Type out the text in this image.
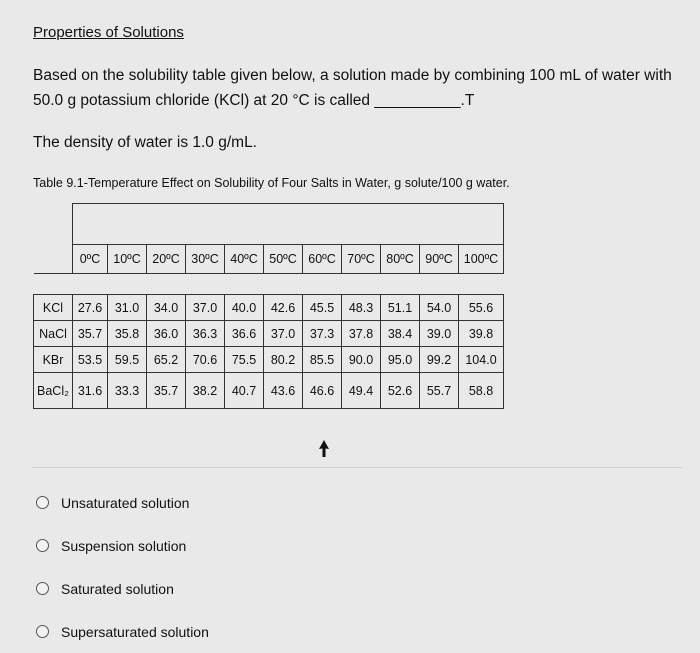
Properties of Solutions
Based on the solubility table given below, a solution made by combining 100 mL of water with 50.0 g potassium chloride (KCl) at 20 °C is called __________.T
The density of water is 1.0 g/mL.
Table 9.1-Temperature Effect on Solubility of Four Salts in Water, g solute/100 g water.

	0ºC	10ºC	20ºC	30ºC	40ºC	50ºC	60ºC	70ºC	80ºC	90ºC	100ºC

KCl	27.6	31.0	34.0	37.0	40.0	42.6	45.5	48.3	51.1	54.0	55.6
NaCl	35.7	35.8	36.0	36.3	36.6	37.0	37.3	37.8	38.4	39.0	39.8
KBr	53.5	59.5	65.2	70.6	75.5	80.2	85.5	90.0	95.0	99.2	104.0
BaCl₂	31.6	33.3	35.7	38.2	40.7	43.6	46.6	49.4	52.6	55.7	58.8
Unsaturated solution
Suspension solution
Saturated solution
Supersaturated solution
